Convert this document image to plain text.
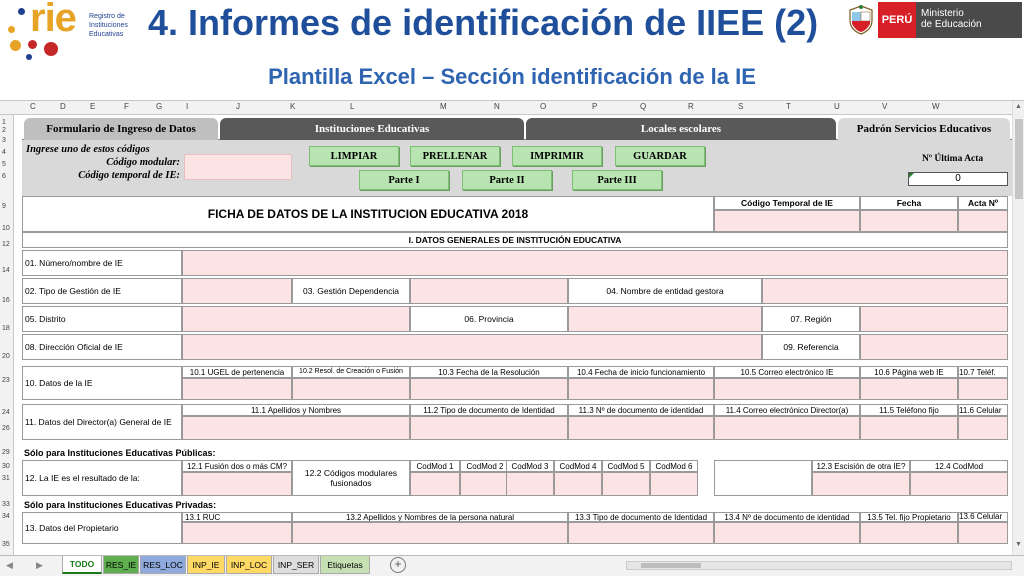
rie Registro de
Instituciones
Educativas 4. Informes de identificación de IIEE (2)
Plantilla Excel – Sección identificación de la IE
PERÚ
Ministerio
de Educación
C	D	E	F	G	I	J	K	L	M	N	O	P	Q	R	S	T	U	V	W
1
2
3
4
5
6
9
10
12
14
16
18
20
23
24
26
29
30
31
33
34
35
▲
▼
◀	▶	TODO	RES_IE RES_LOC	INP_IE	INP_LOC	INP_SER	Etiquetas	+
Formulario de Ingreso de Datos	Instituciones Educativas	Locales escolares	Padrón Servicios Educativos
Ingrese uno de estos códigos
Código modular:
Código temporal de IE:
LIMPIAR	PRELLENAR	IMPRIMIR	GUARDAR
Parte I	Parte II	Parte III
Nº Última Acta
0
FICHA DE DATOS DE LA INSTITUCION EDUCATIVA 2018
Código Temporal de IE	Fecha	Acta Nº
I. DATOS GENERALES DE INSTITUCIÓN EDUCATIVA
01. Número/nombre de IE
02. Tipo de Gestión de IE	03. Gestión Dependencia	04. Nombre de entidad gestora
05. Distrito	06. Provincia	07. Región
08. Dirección Oficial de IE	09. Referencia
10. Datos de la IE
10.1 UGEL de pertenencia	10.2 Resol. de Creación o Fusión	10.3 Fecha de la Resolución	10.4 Fecha de inicio funcionamiento	10.5 Correo electrónico IE	10.6 Página web IE	10.7 Teléf.
11. Datos del Director(a) General de IE
11.1 Apellidos y Nombres	11.2 Tipo de documento de Identidad	11.3 Nº de documento de identidad	11.4 Correo electrónico Director(a)	11.5 Teléfono fijo	11.6 Celular
Sólo para Instituciones Educativas Públicas:
12. La IE es el resultado de la:
12.1 Fusión dos o más CM?
12.2 Códigos modulares
fusionados
CodMod 1	CodMod 2	CodMod 3	CodMod 4	CodMod 5	CodMod 6	12.3 Escisión de otra IE?	12.4 CodMod
Sólo para Instituciones Educativas Privadas:
13. Datos del Propietario
13.1 RUC	13.2 Apellidos y Nombres de la persona natural	13.3 Tipo de documento de Identidad	13.4 Nº de documento de identidad	13.5 Tel. fijo Propietario	13.6 Celular
